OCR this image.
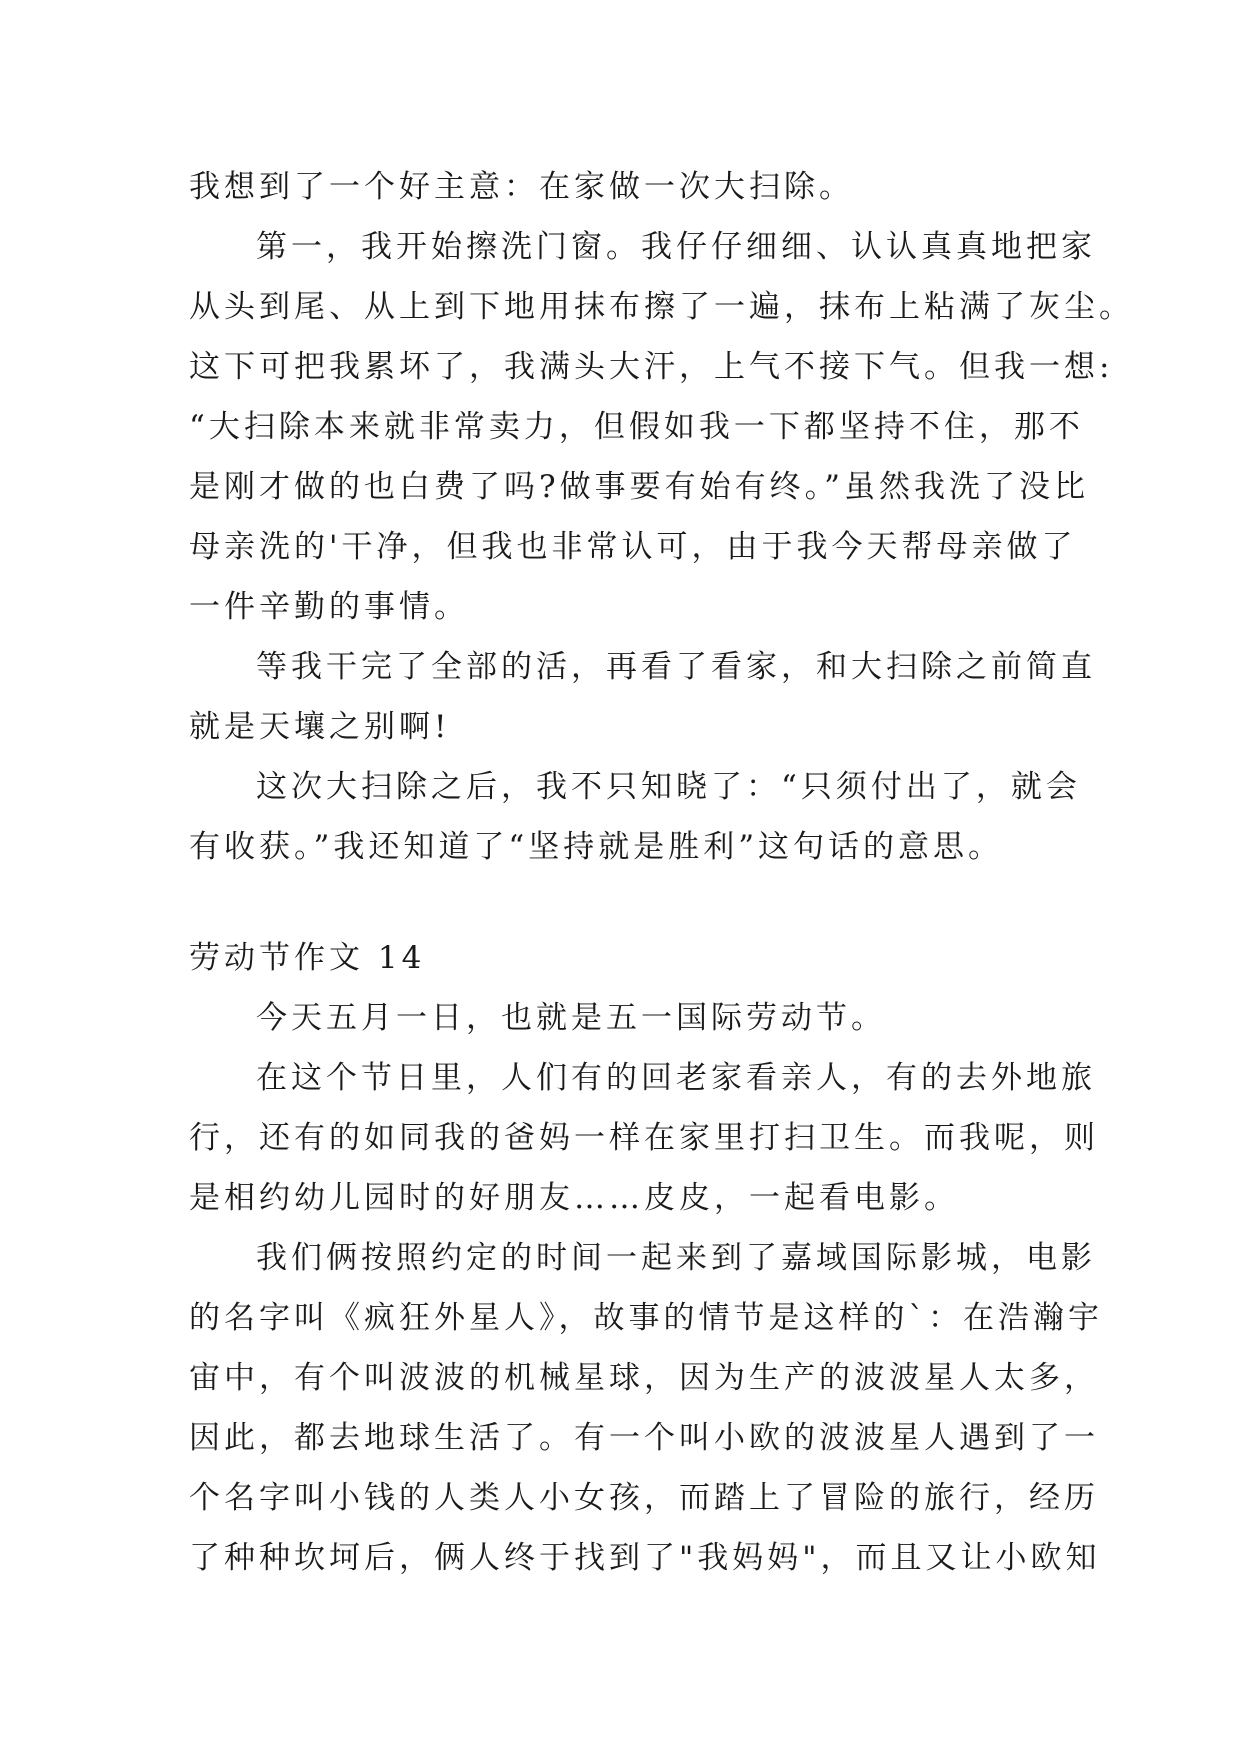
我想到了一个好主意：在家做一次大扫除。
第一，我开始擦洗门窗。我仔仔细细、认认真真地把家
从头到尾、从上到下地用抹布擦了一遍，抹布上粘满了灰尘。
这下可把我累坏了，我满头大汗，上气不接下气。但我一想:
“大扫除本来就非常卖力，但假如我一下都坚持不住，那不
是刚才做的也白费了吗?做事要有始有终。”虽然我洗了没比
母亲洗的'干净，但我也非常认可，由于我今天帮母亲做了
一件辛勤的事情。
等我干完了全部的活，再看了看家，和大扫除之前简直
就是天壤之别啊!
这次大扫除之后，我不只知晓了：“只须付出了，就会
有收获。”我还知道了“坚持就是胜利”这句话的意思。
劳动节作文 14
今天五月一日，也就是五一国际劳动节。
在这个节日里，人们有的回老家看亲人，有的去外地旅
行，还有的如同我的爸妈一样在家里打扫卫生。而我呢，则
是相约幼儿园时的好朋友……皮皮，一起看电影。
我们俩按照约定的时间一起来到了嘉域国际影城，电影
的名字叫《疯狂外星人》，故事的情节是这样的`：在浩瀚宇
宙中，有个叫波波的机械星球，因为生产的波波星人太多，
因此，都去地球生活了。有一个叫小欧的波波星人遇到了一
个名字叫小钱的人类人小女孩，而踏上了冒险的旅行，经历
了种种坎坷后，俩人终于找到了"我妈妈"，而且又让小欧知
